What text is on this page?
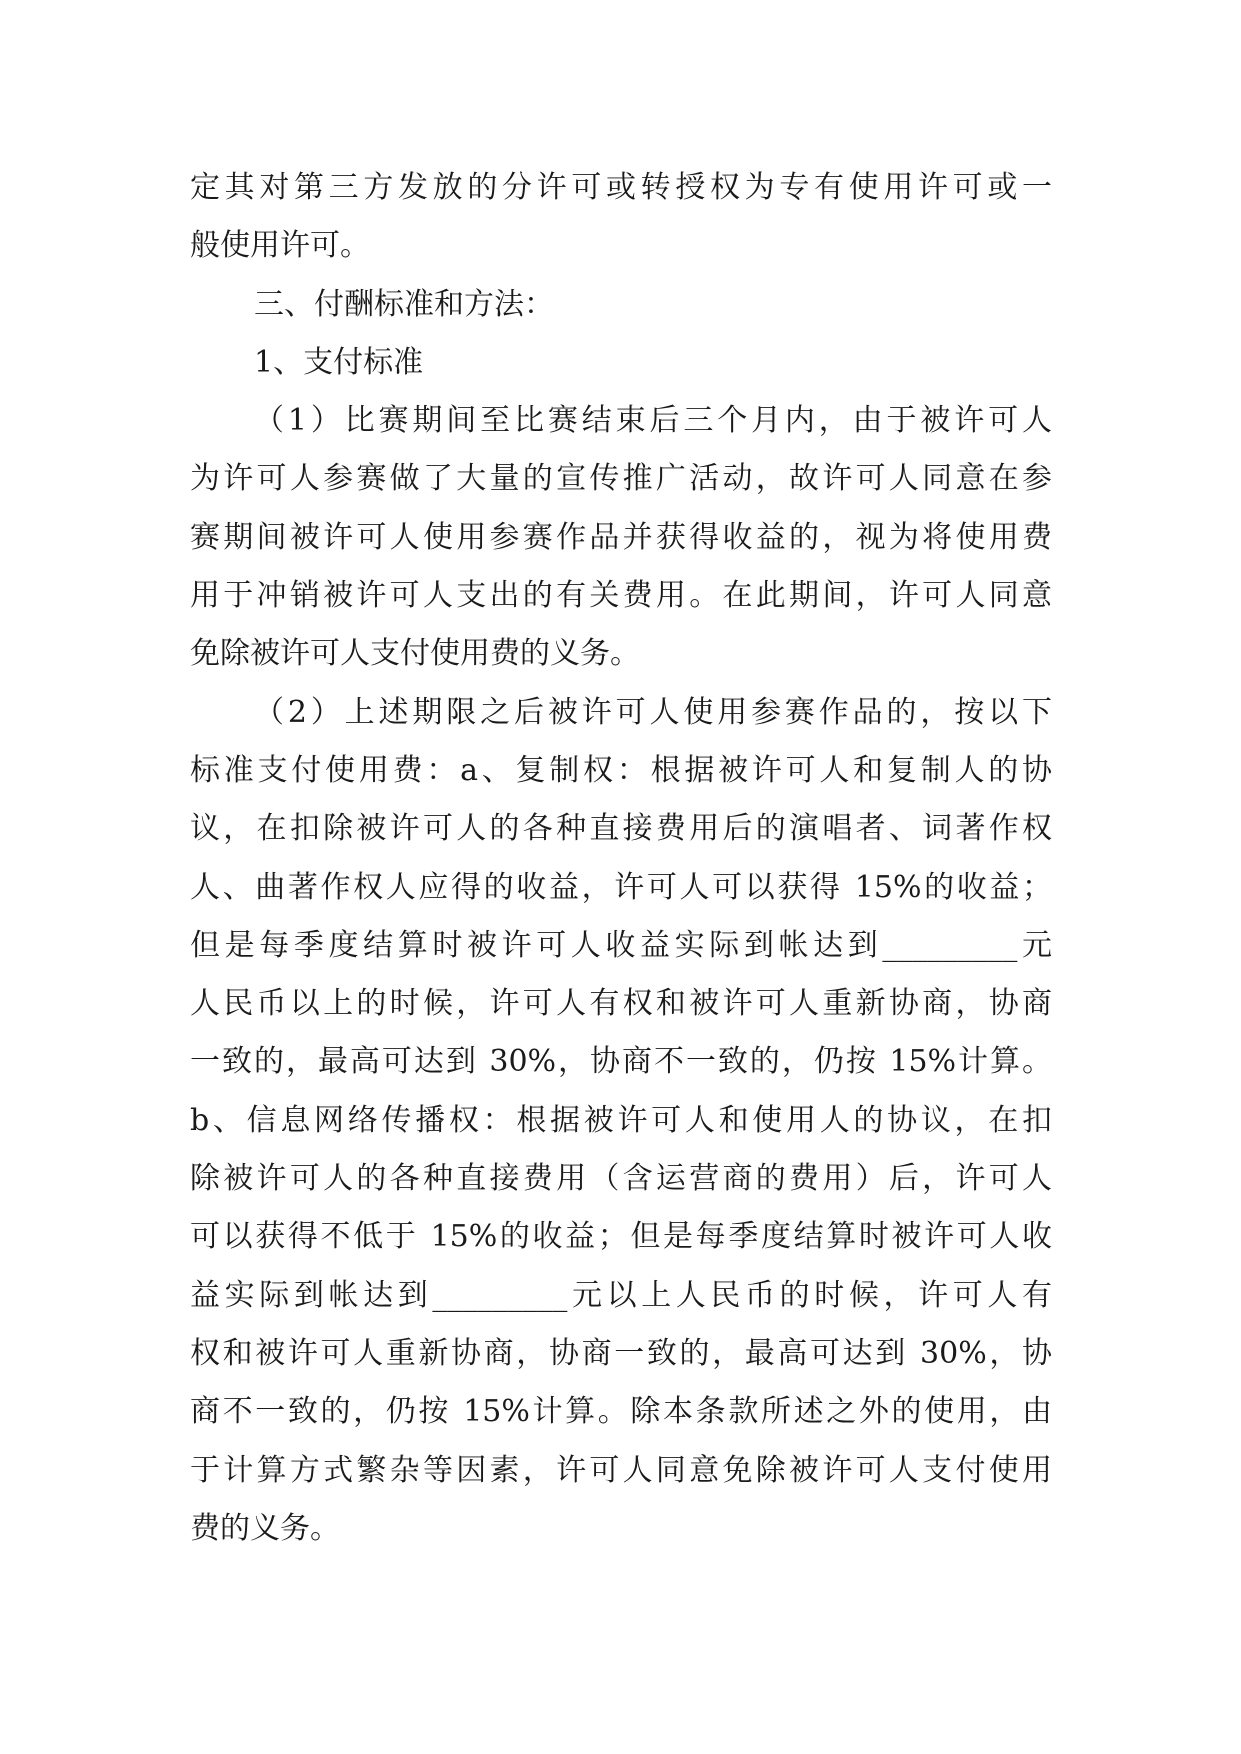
定其对第三方发放的分许可或转授权为专有使用许可或一
般使用许可。
三、付酬标准和方法：
1、支付标准
（1）比赛期间至比赛结束后三个月内，由于被许可人
为许可人参赛做了大量的宣传推广活动，故许可人同意在参
赛期间被许可人使用参赛作品并获得收益的，视为将使用费
用于冲销被许可人支出的有关费用。在此期间，许可人同意
免除被许可人支付使用费的义务。
（2）上述期限之后被许可人使用参赛作品的，按以下
标准支付使用费：a、复制权：根据被许可人和复制人的协
议，在扣除被许可人的各种直接费用后的演唱者、词著作权
人、曲著作权人应得的收益，许可人可以获得 15%的收益；
但是每季度结算时被许可人收益实际到帐达到_________元
人民币以上的时候，许可人有权和被许可人重新协商，协商
一致的，最高可达到 30%，协商不一致的，仍按 15%计算。
b、信息网络传播权：根据被许可人和使用人的协议，在扣
除被许可人的各种直接费用（含运营商的费用）后，许可人
可以获得不低于 15%的收益；但是每季度结算时被许可人收
益实际到帐达到_________元以上人民币的时候，许可人有
权和被许可人重新协商，协商一致的，最高可达到 30%，协
商不一致的，仍按 15%计算。除本条款所述之外的使用，由
于计算方式繁杂等因素，许可人同意免除被许可人支付使用
费的义务。
